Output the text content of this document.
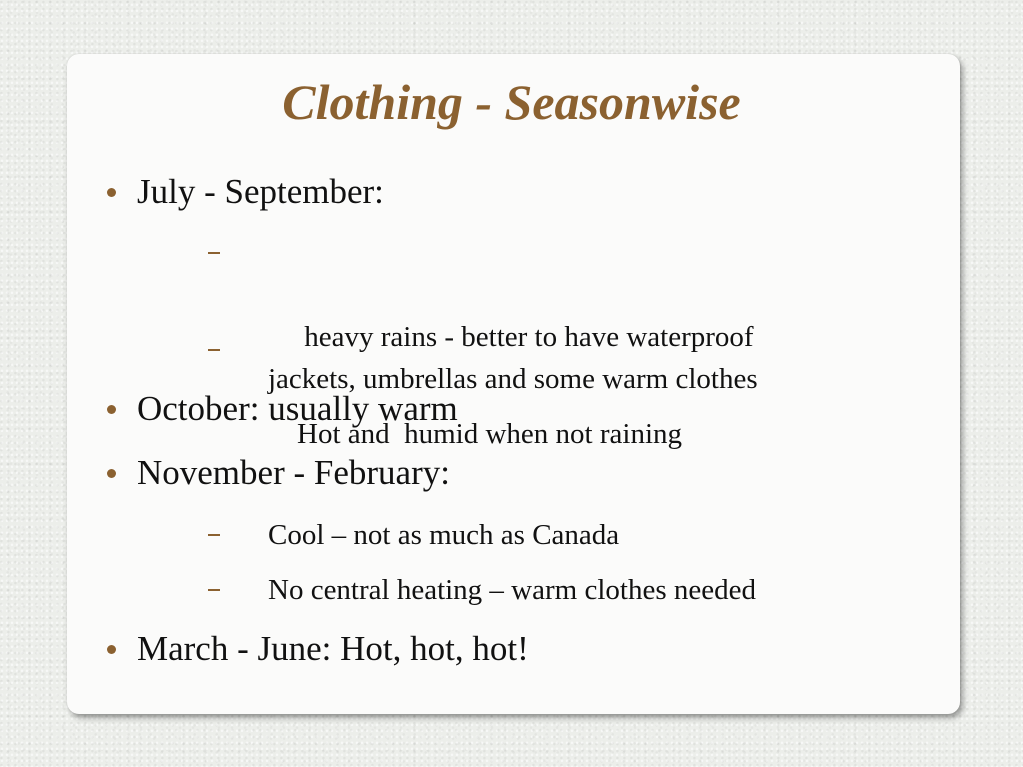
Clothing - Seasonwise
July - September:

heavy rains - better to have waterproof
jackets, umbrellas and some warm clothes

Hot and  humid when not raining

October: usually warm
November - February:
Cool – not as much as Canada
No central heating – warm clothes needed
March - June: Hot, hot, hot!
